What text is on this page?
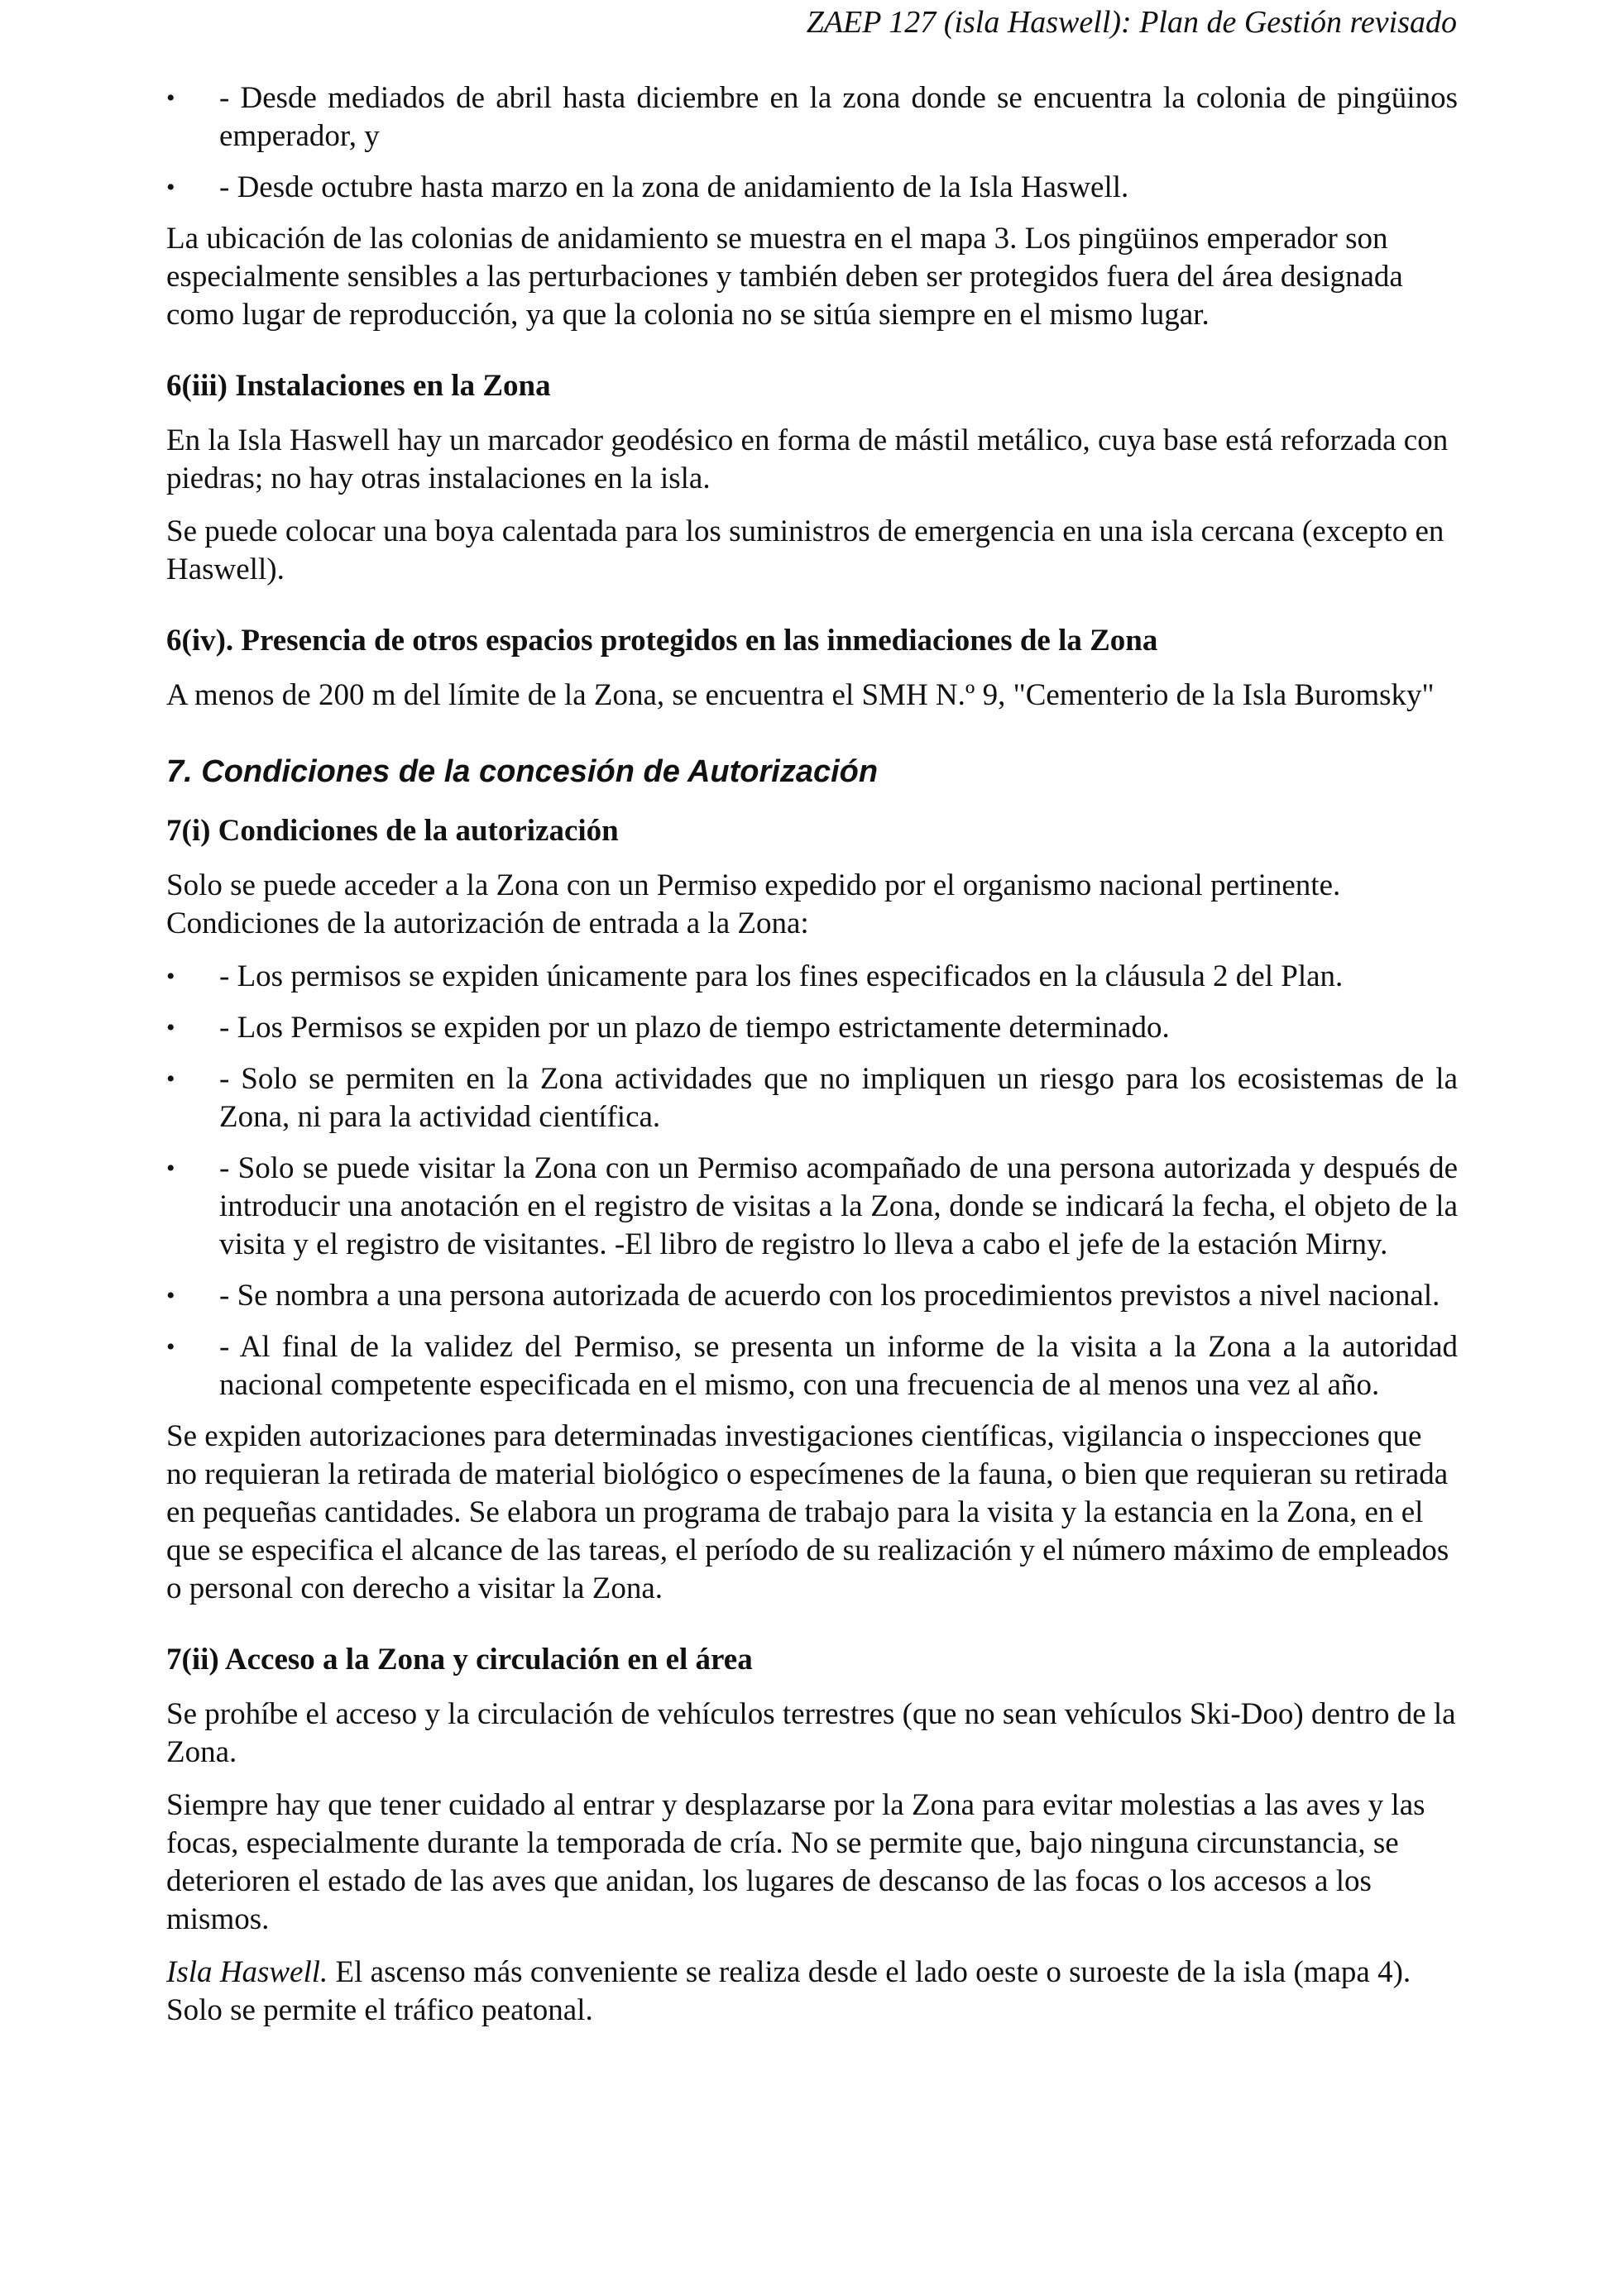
ZAEP 127 (isla Haswell): Plan de Gestión revisado
•	- Desde mediados de abril hasta diciembre en la zona donde se encuentra la colonia de pingüinos emperador, y
•	- Desde octubre hasta marzo en la zona de anidamiento de la Isla Haswell.

La ubicación de las colonias de anidamiento se muestra en el mapa 3. Los pingüinos emperador son especialmente sensibles a las perturbaciones y también deben ser protegidos fuera del área designada como lugar de reproducción, ya que la colonia no se sitúa siempre en el mismo lugar.

6(iii) Instalaciones en la Zona

En la Isla Haswell hay un marcador geodésico en forma de mástil metálico, cuya base está reforzada con piedras; no hay otras instalaciones en la isla.

Se puede colocar una boya calentada para los suministros de emergencia en una isla cercana (excepto en Haswell).

6(iv). Presencia de otros espacios protegidos en las inmediaciones de la Zona

A menos de 200 m del límite de la Zona, se encuentra el SMH N.º 9, "Cementerio de la Isla Buromsky"

7. Condiciones de la concesión de Autorización
7(i) Condiciones de la autorización

Solo se puede acceder a la Zona con un Permiso expedido por el organismo nacional pertinente. Condiciones de la autorización de entrada a la Zona:

•	- Los permisos se expiden únicamente para los fines especificados en la cláusula 2 del Plan.
•	- Los Permisos se expiden por un plazo de tiempo estrictamente determinado.
•	- Solo se permiten en la Zona actividades que no impliquen un riesgo para los ecosistemas de la Zona, ni para la actividad científica.
•	- Solo se puede visitar la Zona con un Permiso acompañado de una persona autorizada y después de introducir una anotación en el registro de visitas a la Zona, donde se indicará la fecha, el objeto de la visita y el registro de visitantes. -El libro de registro lo lleva a cabo el jefe de la estación Mirny.
•	- Se nombra a una persona autorizada de acuerdo con los procedimientos previstos a nivel nacional.
•	- Al final de la validez del Permiso, se presenta un informe de la visita a la Zona a la autoridad nacional competente especificada en el mismo, con una frecuencia de al menos una vez al año.

Se expiden autorizaciones para determinadas investigaciones científicas, vigilancia o inspecciones que no requieran la retirada de material biológico o especímenes de la fauna, o bien que requieran su retirada en pequeñas cantidades. Se elabora un programa de trabajo para la visita y la estancia en la Zona, en el que se especifica el alcance de las tareas, el período de su realización y el número máximo de empleados o personal con derecho a visitar la Zona.

7(ii) Acceso a la Zona y circulación en el área

Se prohíbe el acceso y la circulación de vehículos terrestres (que no sean vehículos Ski-Doo) dentro de la Zona.

Siempre hay que tener cuidado al entrar y desplazarse por la Zona para evitar molestias a las aves y las focas, especialmente durante la temporada de cría. No se permite que, bajo ninguna circunstancia, se deterioren el estado de las aves que anidan, los lugares de descanso de las focas o los accesos a los mismos.

Isla Haswell. El ascenso más conveniente se realiza desde el lado oeste o suroeste de la isla (mapa 4). Solo se permite el tráfico peatonal.
